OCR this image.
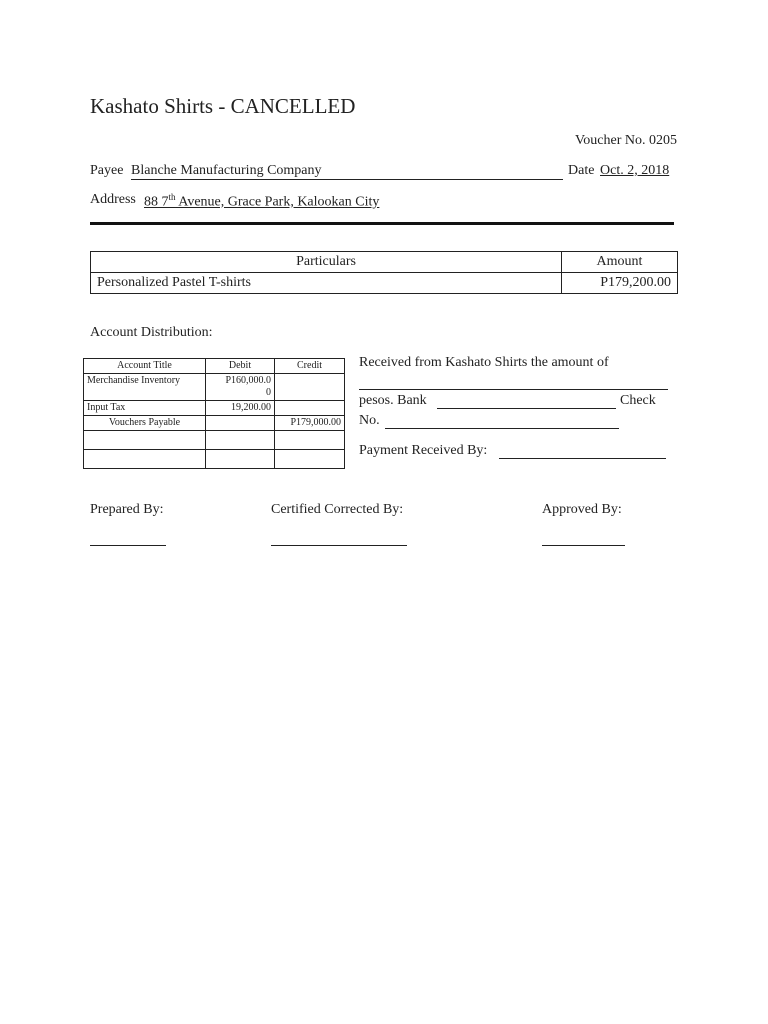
Kashato Shirts - CANCELLED
Voucher No. 0205
Payee Blanche Manufacturing Company	Date Oct. 2, 2018
Address 88 7th Avenue, Grace Park, Kalookan City
Particulars	Amount
Personalized Pastel T-shirts	P179,200.00
Account Distribution:
Account Title	Debit	Credit
Merchandise Inventory	P160,000.0
0	

Input Tax	19,200.00	
Vouchers Payable		P179,000.00

Received from Kashato Shirts the amount of
pesos. Bank	Check
No.
Payment Received By:
Prepared By:	Certified Corrected By:	Approved By:
